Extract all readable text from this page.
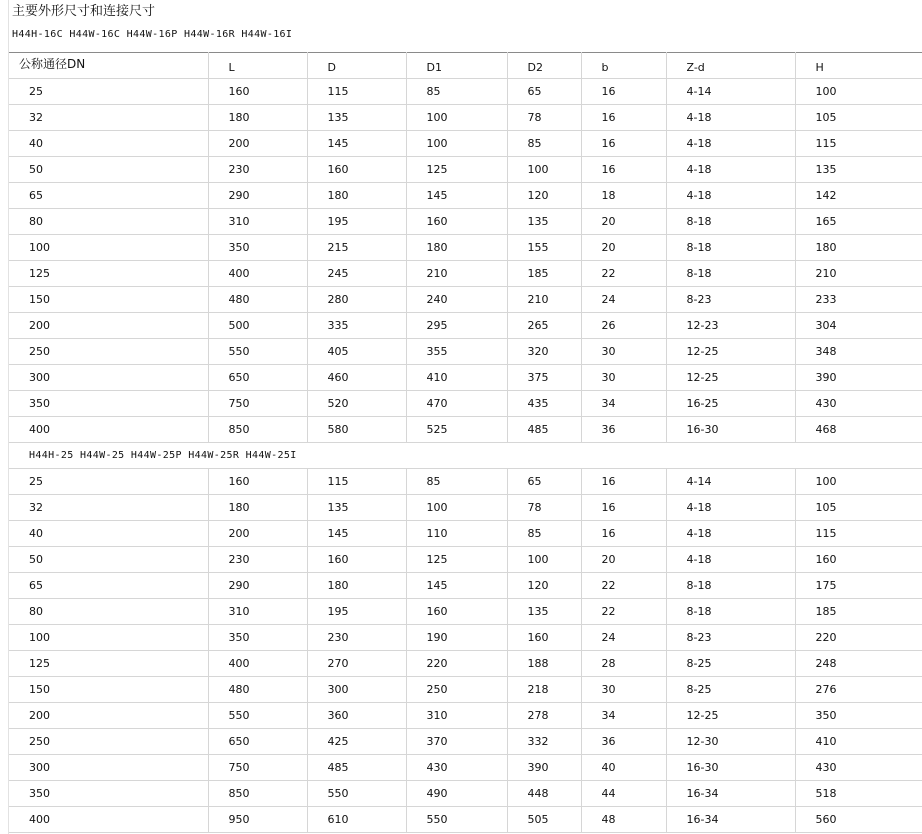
主要外形尺寸和连接尺寸
H44H-16C H44W-16C H44W-16P H44W-16R H44W-16I
公称通径DN	L	D	D1	D2	b	Z-d	H
25	160	115	85	65	16	4-14	100
32	180	135	100	78	16	4-18	105
40	200	145	100	85	16	4-18	115
50	230	160	125	100	16	4-18	135
65	290	180	145	120	18	4-18	142
80	310	195	160	135	20	8-18	165
100	350	215	180	155	20	8-18	180
125	400	245	210	185	22	8-18	210
150	480	280	240	210	24	8-23	233
200	500	335	295	265	26	12-23	304
250	550	405	355	320	30	12-25	348
300	650	460	410	375	30	12-25	390
350	750	520	470	435	34	16-25	430
400	850	580	525	485	36	16-30	468
H44H-25 H44W-25 H44W-25P H44W-25R H44W-25I							
25	160	115	85	65	16	4-14	100
32	180	135	100	78	16	4-18	105
40	200	145	110	85	16	4-18	115
50	230	160	125	100	20	4-18	160
65	290	180	145	120	22	8-18	175
80	310	195	160	135	22	8-18	185
100	350	230	190	160	24	8-23	220
125	400	270	220	188	28	8-25	248
150	480	300	250	218	30	8-25	276
200	550	360	310	278	34	12-25	350
250	650	425	370	332	36	12-30	410
300	750	485	430	390	40	16-30	430
350	850	550	490	448	44	16-34	518
400	950	610	550	505	48	16-34	560
